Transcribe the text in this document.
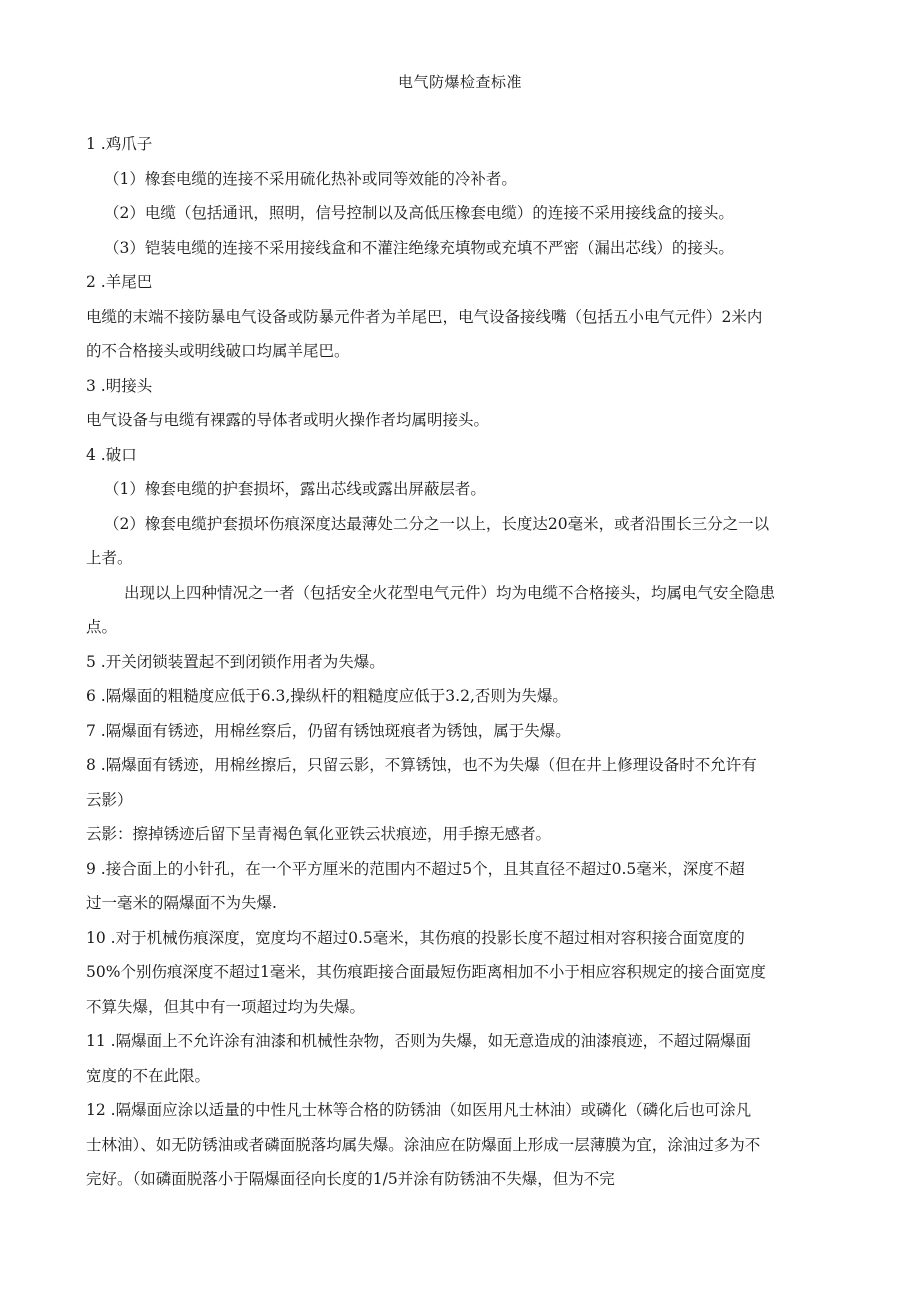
电气防爆检查标准
1 .鸡爪子
（1）橡套电缆的连接不采用硫化热补或同等效能的冷补者。
（2）电缆（包括通讯，照明，信号控制以及高低压橡套电缆）的连接不采用接线盒的接头。
（3）铠装电缆的连接不采用接线盒和不灌注绝缘充填物或充填不严密（漏出芯线）的接头。
2 .羊尾巴
电缆的末端不接防暴电气设备或防暴元件者为羊尾巴，电气设备接线嘴（包括五小电气元件）2米内
的不合格接头或明线破口均属羊尾巴。
3 .明接头
电气设备与电缆有裸露的导体者或明火操作者均属明接头。
4 .破口
（1）橡套电缆的护套损坏，露出芯线或露出屏蔽层者。
（2）橡套电缆护套损坏伤痕深度达最薄处二分之一以上，长度达20毫米，或者沿围长三分之一以
上者。
出现以上四种情况之一者（包括安全火花型电气元件）均为电缆不合格接头，均属电气安全隐患
点。
5 .开关闭锁装置起不到闭锁作用者为失爆。
6 .隔爆面的粗糙度应低于6.3,操纵杆的粗糙度应低于3.2,否则为失爆。
7 .隔爆面有锈迹，用棉丝察后，仍留有锈蚀斑痕者为锈蚀，属于失爆。
8 .隔爆面有锈迹，用棉丝擦后，只留云影，不算锈蚀，也不为失爆（但在井上修理设备时不允许有
云影）
云影：擦掉锈迹后留下呈青褐色氧化亚铁云状痕迹，用手擦无感者。
9 .接合面上的小针孔，在一个平方厘米的范围内不超过5个，且其直径不超过0.5毫米，深度不超
过一毫米的隔爆面不为失爆.
10 .对于机械伤痕深度，宽度均不超过0.5毫米，其伤痕的投影长度不超过相对容积接合面宽度的
50%个别伤痕深度不超过1毫米，其伤痕距接合面最短伤距离相加不小于相应容积规定的接合面宽度
不算失爆，但其中有一项超过均为失爆。
11 .隔爆面上不允许涂有油漆和机械性杂物，否则为失爆，如无意造成的油漆痕迹，不超过隔爆面
宽度的不在此限。
12 .隔爆面应涂以适量的中性凡士林等合格的防锈油（如医用凡士林油）或磷化（磷化后也可涂凡
士林油）、如无防锈油或者磷面脱落均属失爆。涂油应在防爆面上形成一层薄膜为宜，涂油过多为不
完好。（如磷面脱落小于隔爆面径向长度的1/5并涂有防锈油不失爆，但为不完
